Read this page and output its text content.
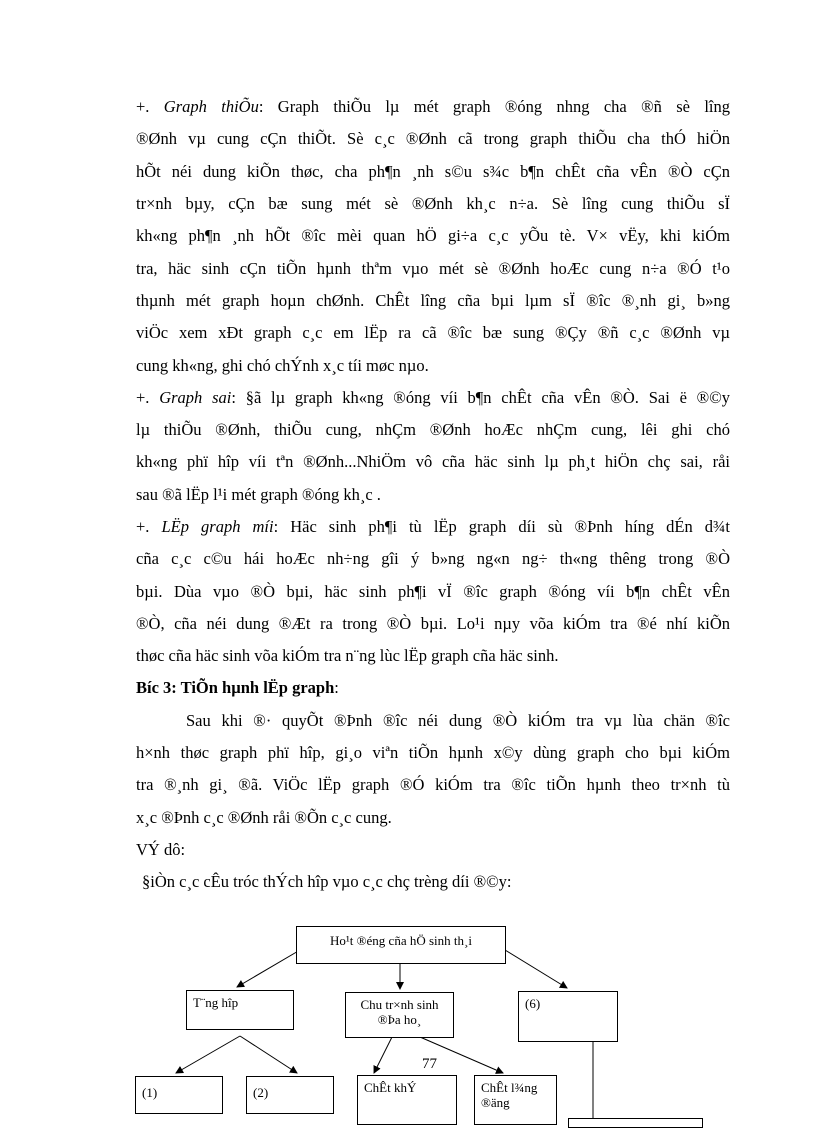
+. Graph thiÕu: Graph thiÕu lµ mét graph ®óng nhng cha ®ñ sè lîng
®Ønh vµ cung cÇn thiÕt. Sè c¸c ®Ønh cã trong graph thiÕu cha thÓ hiÖn
hÕt néi dung kiÕn thøc, cha ph¶n ¸nh s©u s¾c b¶n chÊt cña vÊn ®Ò cÇn
tr×nh bµy, cÇn bæ sung mét sè ®Ønh kh¸c n÷a. Sè lîng cung thiÕu sÏ
kh«ng ph¶n ¸nh hÕt ®îc mèi quan hÖ gi÷a c¸c yÕu tè. V× vËy, khi kiÓm
tra, häc sinh cÇn tiÕn hµnh thªm vµo mét sè ®Ønh hoÆc cung n÷a ®Ó t¹o
thµnh mét graph hoµn chØnh. ChÊt lîng cña bµi lµm sÏ ®îc ®¸nh gi¸ b»ng
viÖc xem xÐt graph c¸c em lËp ra cã ®îc bæ sung ®Çy ®ñ c¸c ®Ønh vµ
cung kh«ng, ghi chó chÝnh x¸c tíi møc nµo.
+. Graph sai: §ã lµ graph kh«ng ®óng víi b¶n chÊt cña vÊn ®Ò. Sai ë ®©y
lµ thiÕu ®Ønh, thiÕu cung, nhÇm ®Ønh hoÆc nhÇm cung, lêi ghi chó
kh«ng phï hîp víi tªn ®Ønh...NhiÖm vô cña häc sinh lµ ph¸t hiÖn chç sai, råi
sau ®ã lËp l¹i mét graph ®óng kh¸c .
+. LËp graph míi: Häc sinh ph¶i tù lËp graph díi sù ®Þnh híng dÉn d¾t
cña c¸c c©u hái hoÆc nh÷ng gîi ý b»ng ng«n ng÷ th«ng thêng trong ®Ò
bµi. Dùa vµo ®Ò bµi, häc sinh ph¶i vÏ ®îc graph ®óng víi b¶n chÊt vÊn
®Ò, cña néi dung ®Æt ra trong ®Ò bµi. Lo¹i nµy võa kiÓm tra ®é nhí kiÕn
thøc cña häc sinh võa kiÓm tra n¨ng lùc lËp graph cña häc sinh.
Bíc 3: TiÕn hµnh lËp graph:
Sau khi ®· quyÕt ®Þnh ®îc néi dung ®Ò kiÓm tra vµ lùa chän ®îc
h×nh thøc graph phï hîp, gi¸o viªn tiÕn hµnh x©y dùng graph cho bµi kiÓm
tra ®¸nh gi¸ ®ã. ViÖc lËp graph ®Ó kiÓm tra ®îc tiÕn hµnh theo tr×nh tù
x¸c ®Þnh c¸c ®Ønh råi ®Õn c¸c cung.
VÝ dô:
§iÒn c¸c cÊu tróc thÝch hîp vµo c¸c chç trèng díi ®©y:
Ho¹t ®éng cña hÖ sinh th¸i
T¨ng hîp	Chu tr×nh sinh ®Þa ho¸
(6)
(1)	(2)	ChÊt khÝ	ChÊt l¾ng ®äng
77
